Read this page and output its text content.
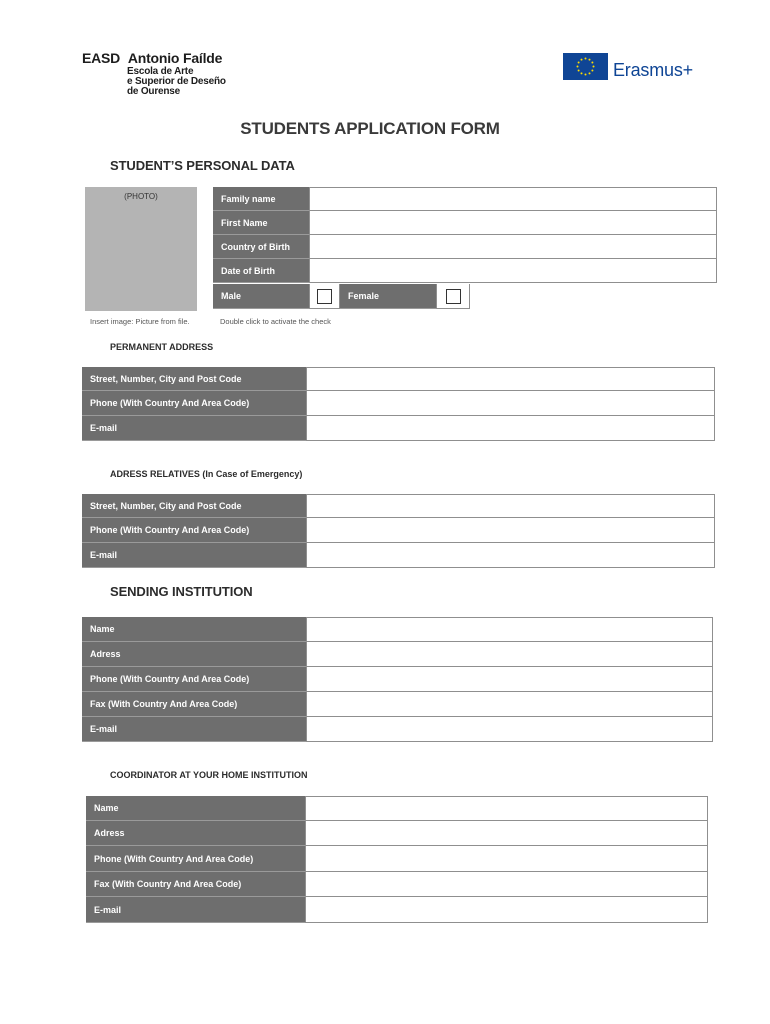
EASD Antonio Faílde
Escola de Arte
e Superior de Deseño
de Ourense
Erasmus+
STUDENTS APPLICATION FORM
STUDENT’S PERSONAL DATA
(PHOTO)
Insert image: Picture from file.	Double click to activate the check
Family name
First Name
Country of Birth
Date of Birth
Male	Female
PERMANENT ADDRESS
Street, Number, City and Post Code
Phone (With Country And Area Code)
E-mail
ADRESS RELATIVES (In Case of Emergency)
Street, Number, City and Post Code
Phone (With Country And Area Code)
E-mail
SENDING INSTITUTION
Name
Adress
Phone (With Country And Area Code)
Fax (With Country And Area Code)
E-mail
COORDINATOR AT YOUR HOME INSTITUTION
Name
Adress
Phone (With Country And Area Code)
Fax (With Country And Area Code)
E-mail
